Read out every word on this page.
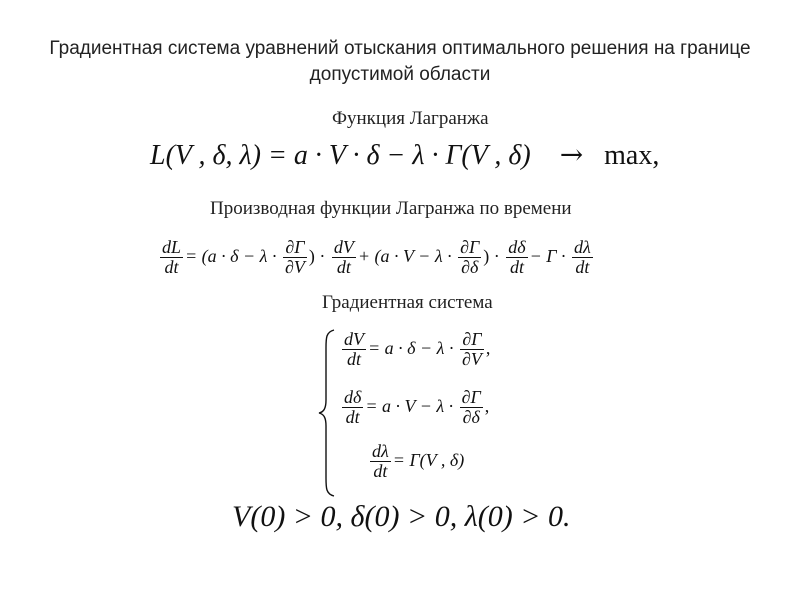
Градиентная система уравнений отыскания оптимального решения на границе допустимой области
Функция Лагранжа
L(V , δ, λ) = a · V · δ − λ · Γ(V , δ) → max,
Производная функции Лагранжа по времени
$\frac{dL}{dt} = (a \cdot \delta - \lambda \cdot \frac{\partial\Gamma}{\partial V}$ ) · $\frac{dV}{dt} + (a \cdot V - \lambda \cdot \frac{\partial\Gamma}{\partial\delta}$ ) · $\frac{d\delta}{dt} - \Gamma \cdot \frac{d\lambda}{dt}$
Градиентная система
$\frac{dV}{dt} = a \cdot \delta - \lambda \cdot \frac{\partial\Gamma}{\partial V}$ ,
$\frac{d\delta}{dt} = a \cdot V - \lambda \cdot \frac{\partial\Gamma}{\partial\delta}$ ,
$\frac{d\lambda}{dt} = \Gamma(V$ , δ)
V(0) > 0, δ(0) > 0, λ(0) > 0.
